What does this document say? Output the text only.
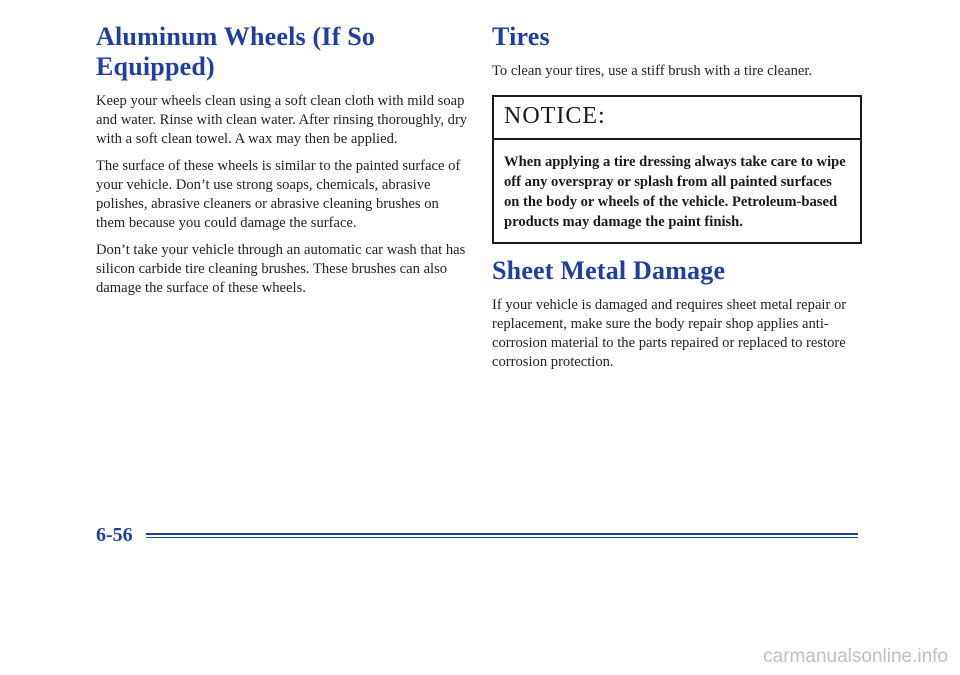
Aluminum Wheels (If So Equipped)

Keep your wheels clean using a soft clean cloth with mild soap and water. Rinse with clean water. After rinsing thoroughly, dry with a soft clean towel. A wax may then be applied.

The surface of these wheels is similar to the painted surface of your vehicle. Don’t use strong soaps, chemicals, abrasive polishes, abrasive cleaners or abrasive cleaning brushes on them because you could damage the surface.

Don’t take your vehicle through an automatic car wash that has silicon carbide tire cleaning brushes. These brushes can also damage the surface of these wheels.

Tires

To clean your tires, use a stiff brush with a tire cleaner.

NOTICE:

When applying a tire dressing always take care to wipe off any overspray or splash from all painted surfaces on the body or wheels of the vehicle. Petroleum-based products may damage the paint finish.

Sheet Metal Damage

If your vehicle is damaged and requires sheet metal repair or replacement, make sure the body repair shop applies anti-corrosion material to the parts repaired or replaced to restore corrosion protection.

6-56
carmanualsonline.info
